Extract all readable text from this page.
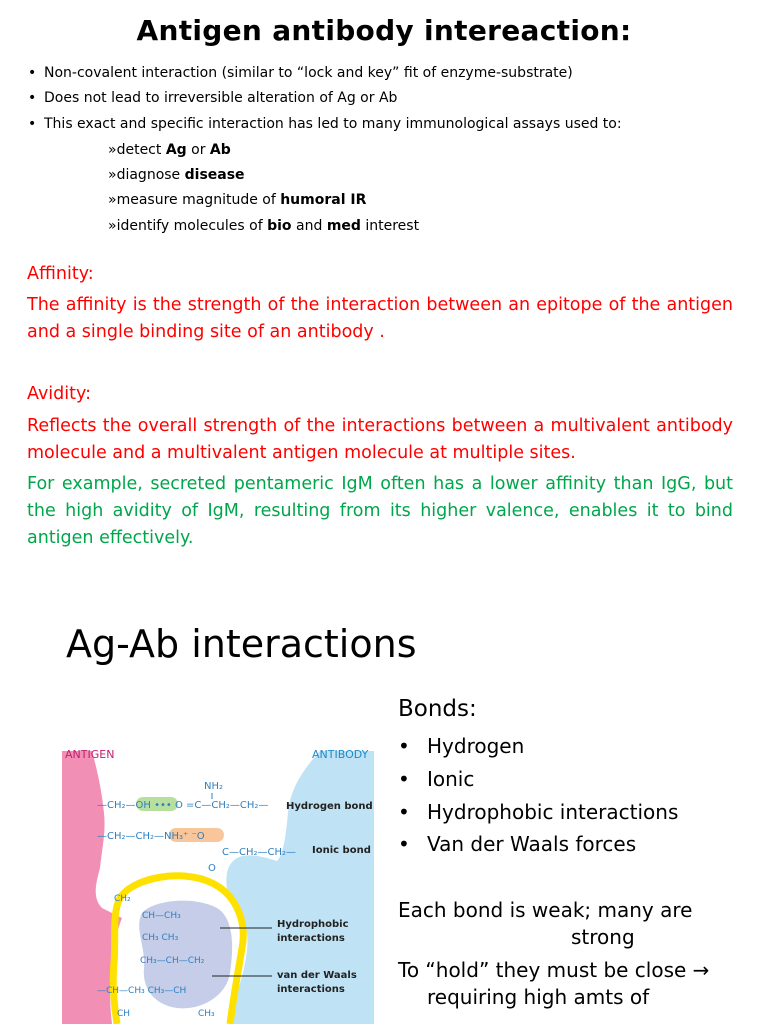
Antigen antibody intereaction:
• Non-covalent interaction (similar to “lock and key” fit of enzyme-substrate)
• Does not lead to irreversible alteration of Ag or Ab
• This exact and specific interaction has led to many immunological assays used to:
»detect Ag or Ab
»diagnose disease
»measure magnitude of humoral IR
»identify molecules of bio and med interest
Affinity:
The affinity is the strength of the interaction between an epitope of the antigen and a single binding site of an antibody .
Avidity:
Reflects the overall strength of the interactions between a multivalent antibody molecule and a multivalent antigen molecule at multiple sites.
For example, secreted pentameric IgM often has a lower affinity than IgG, but the high avidity of IgM, resulting from its higher valence, enables it to bind antigen effectively.
Ag-Ab interactions
Bonds:
• Hydrogen
• Ionic
• Hydrophobic interactions
• Van der Waals forces
Each bond is weak; many are
strong
To “hold” they must be close →
requiring high amts of
ANTIGEN	ANTIBODY
NH₂
—CH₂—OH ••• O =C—CH₂—CH₂— Hydrogen bond
—CH₂—CH₂—NH₃⁺ ⁻O
C—CH₂—CH₂—
O
Ionic bond
CH₂
CH—CH₃
CH₃ CH₃
CH₃—CH—CH₂
—CH—CH₃ CH₃—CH
CH	CH₃
Hydrophobic
interactions
van der Waals
interactions
